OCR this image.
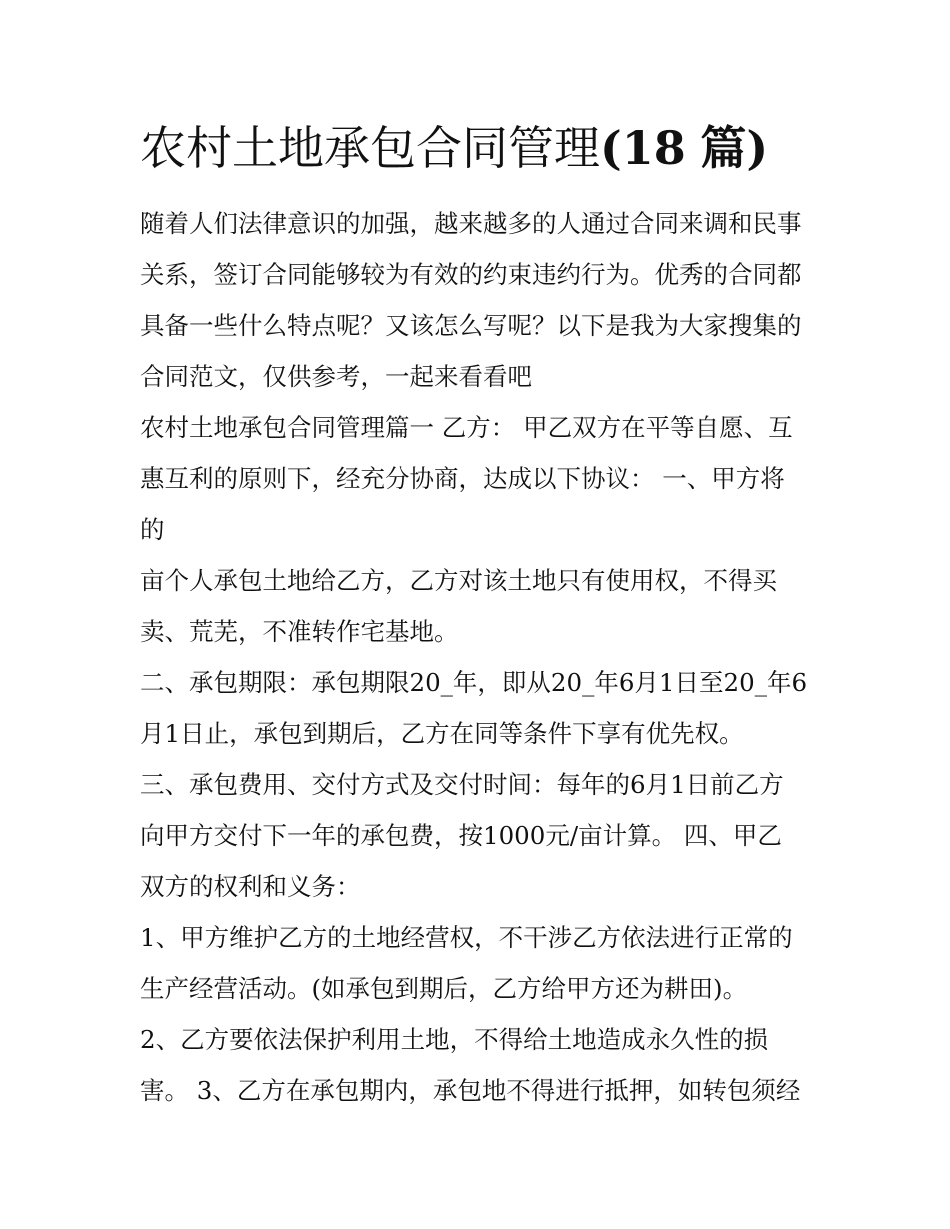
农村土地承包合同管理(18 篇)

随着人们法律意识的加强，越来越多的人通过合同来调和民事

关系，签订合同能够较为有效的约束违约行为。优秀的合同都

具备一些什么特点呢？又该怎么写呢？以下是我为大家搜集的

合同范文，仅供参考，一起来看看吧

农村土地承包合同管理篇一 乙方： 甲乙双方在平等自愿、互

惠互利的原则下，经充分协商，达成以下协议： 一、甲方将

的

亩个人承包土地给乙方，乙方对该土地只有使用权，不得买

卖、荒芜，不准转作宅基地。

二、承包期限：承包期限20_年，即从20_年6月1日至20_年6

月1日止，承包到期后，乙方在同等条件下享有优先权。

三、承包费用、交付方式及交付时间：每年的6月1日前乙方

向甲方交付下一年的承包费，按1000元/亩计算。 四、甲乙

双方的权利和义务：

1、甲方维护乙方的土地经营权，不干涉乙方依法进行正常的

生产经营活动。(如承包到期后，乙方给甲方还为耕田)。

2、乙方要依法保护利用土地，不得给土地造成永久性的损

害。 3、乙方在承包期内，承包地不得进行抵押，如转包须经
